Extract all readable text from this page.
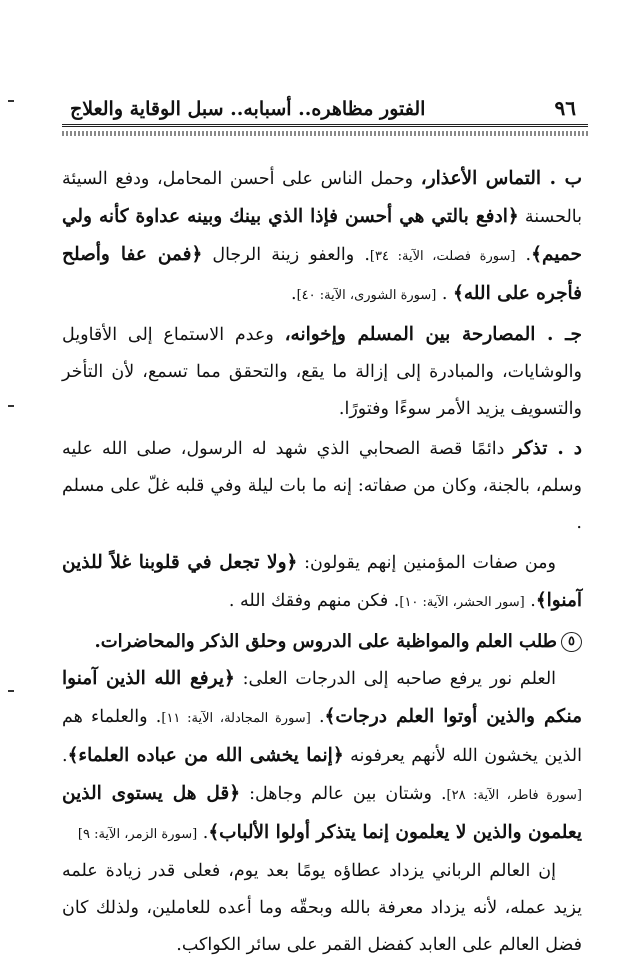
٩٦
الفتور مظاهره.. أسبابه.. سبل الوقاية والعلاج

ب . التماس الأعذار، وحمل الناس على أحسن المحامل، ودفع السيئة بالحسنة ﴿ادفع بالتي هي أحسن فإذا الذي بينك وبينه عداوة كأنه ولي حميم﴾. [سورة فصلت، الآية: ٣٤]. والعفو زينة الرجال ﴿فمن عفا وأصلح فأجره على الله﴾ . [سورة الشورى، الآية: ٤٠].

جـ . المصارحة بين المسلم وإخوانه، وعدم الاستماع إلى الأقاويل والوشايات، والمبادرة إلى إزالة ما يقع، والتحقق مما تسمع، لأن التأخر والتسويف يزيد الأمر سوءًا وفتورًا.

د . تذكر دائمًا قصة الصحابي الذي شهد له الرسول، صلى الله عليه وسلم، بالجنة، وكان من صفاته: إنه ما بات ليلة وفي قلبه غلّ على مسلم .

ومن صفات المؤمنين إنهم يقولون: ﴿ولا تجعل في قلوبنا غلاً للذين آمنوا﴾. [سور الحشر، الآية: ١٠]. فكن منهم وفقك الله .

٥طلب العلم والمواظبة على الدروس وحلق الذكر والمحاضرات.

العلم نور يرفع صاحبه إلى الدرجات العلى: ﴿يرفع الله الذين آمنوا منكم والذين أوتوا العلم درجات﴾. [سورة المجادلة، الآية: ١١]. والعلماء هم الذين يخشون الله لأنهم يعرفونه ﴿إنما يخشى الله من عباده العلماء﴾. [سورة فاطر، الآية: ٢٨]. وشتان بين عالم وجاهل: ﴿قل هل يستوى الذين يعلمون والذين لا يعلمون إنما يتذكر أولوا الألباب﴾. [سورة الزمر، الآية: ٩]

إن العالم الرباني يزداد عطاؤه يومًا بعد يوم، فعلى قدر زيادة علمه يزيد عمله، لأنه يزداد معرفة بالله وبحقّه وما أعده للعاملين، ولذلك كان فضل العالم على العابد كفضل القمر على سائر الكواكب.
